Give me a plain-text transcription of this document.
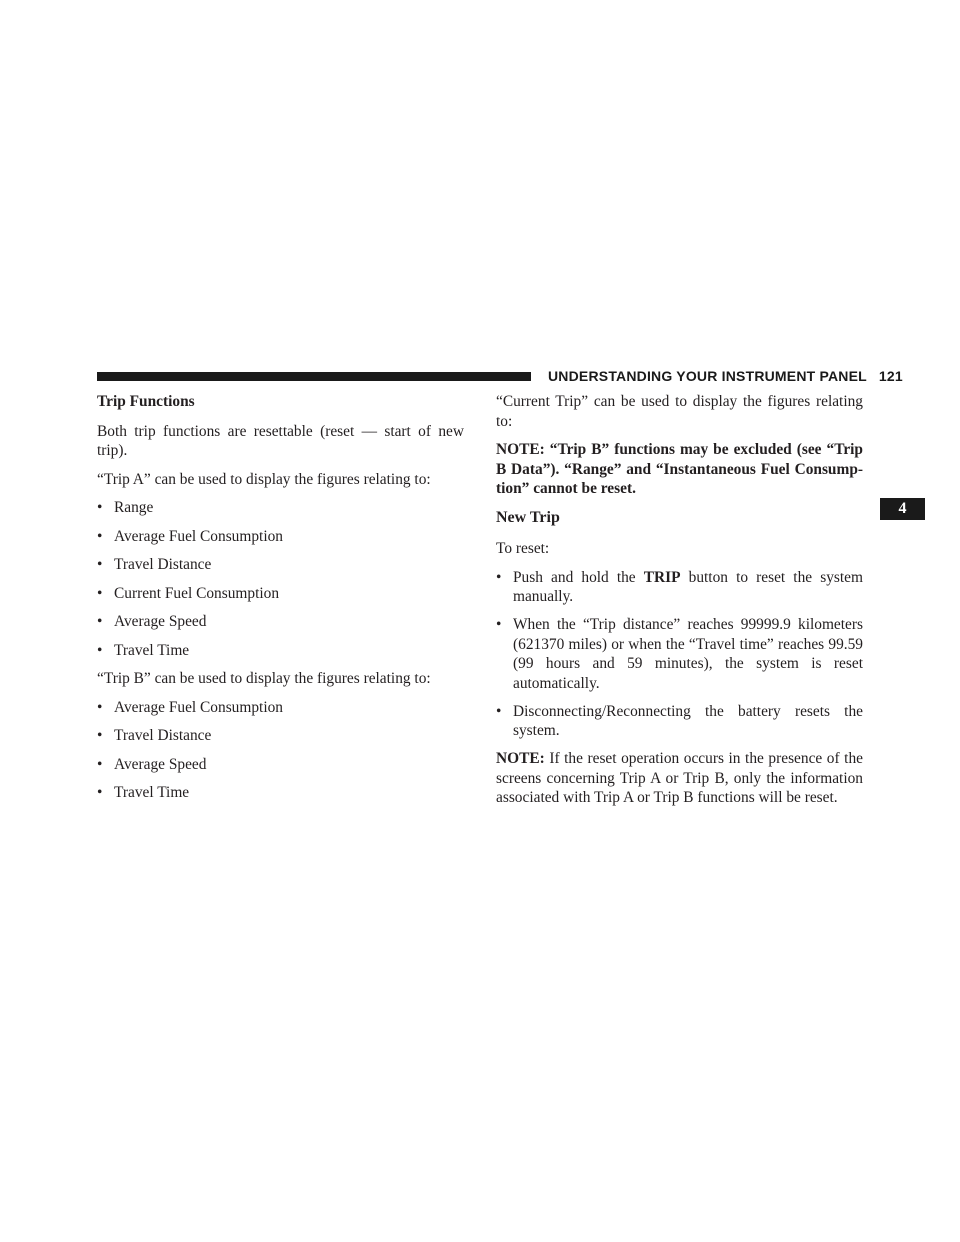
UNDERSTANDING YOUR INSTRUMENT PANEL 121
4

Trip Functions

Both trip functions are resettable (reset — start of new trip).

“Trip A” can be used to display the figures relating to:

• Range
• Average Fuel Consumption
• Travel Distance
• Current Fuel Consumption
• Average Speed
• Travel Time

“Trip B” can be used to display the figures relating to:

• Average Fuel Consumption
• Travel Distance
• Average Speed
• Travel Time

“Current Trip” can be used to display the figures relating to:

NOTE: “Trip B” functions may be excluded (see “Trip B Data”). “Range” and “Instantaneous Fuel Consump- tion” cannot be reset.

New Trip

To reset:

• Push and hold the TRIP button to reset the system manually.
• When the “Trip distance” reaches 99999.9 kilometers (621370 miles) or when the “Travel time” reaches 99.59 (99 hours and 59 minutes), the system is reset automatically.
• Disconnecting/Reconnecting the battery resets the system.

NOTE: If the reset operation occurs in the presence of the screens concerning Trip A or Trip B, only the information associated with Trip A or Trip B functions will be reset.
